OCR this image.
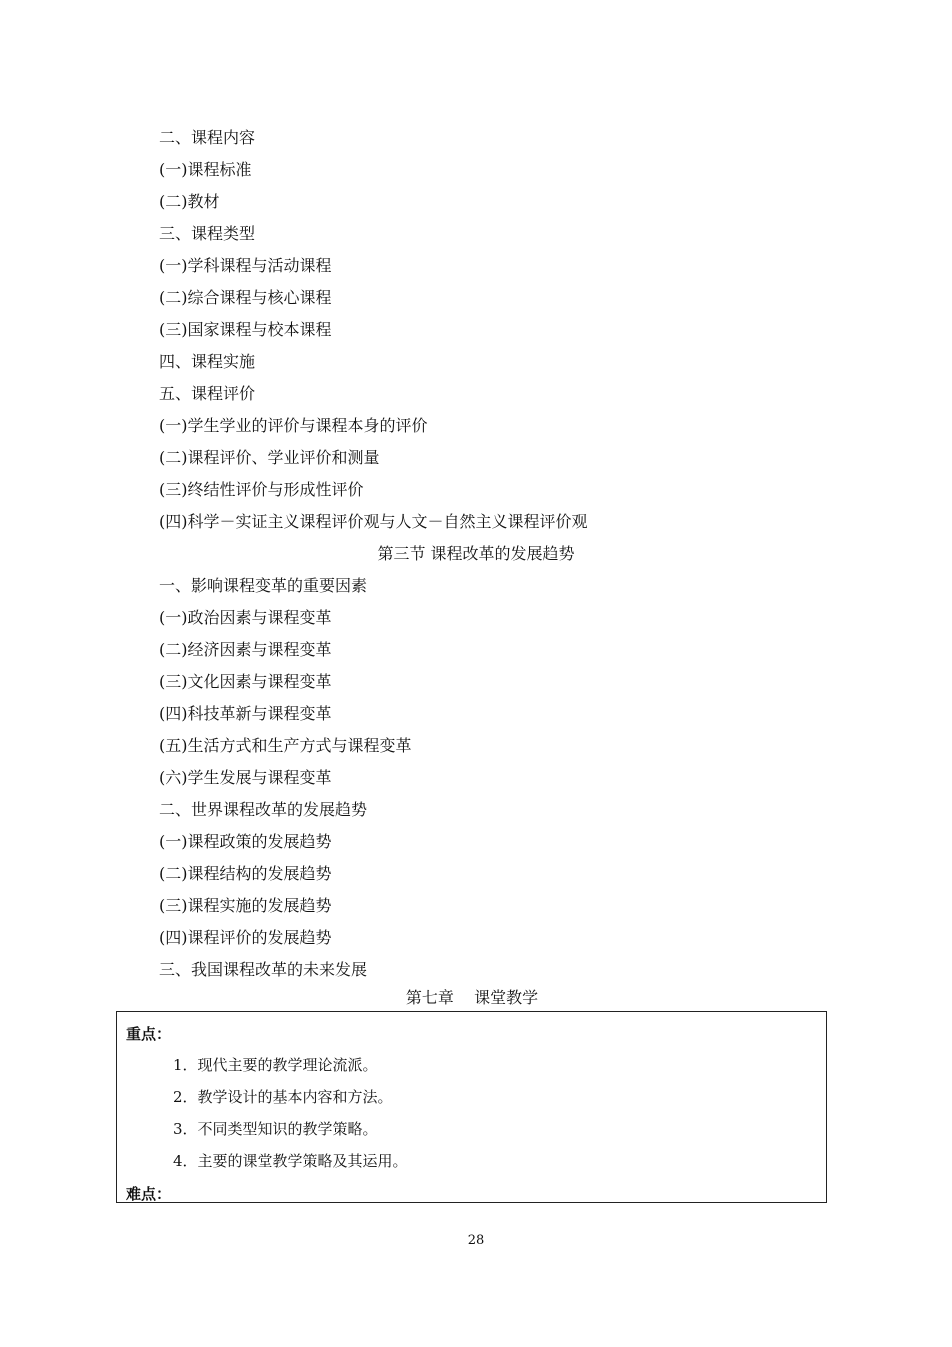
二、课程内容
(一)课程标准
(二)教材
三、课程类型
(一)学科课程与活动课程
(二)综合课程与核心课程
(三)国家课程与校本课程
四、课程实施
五、课程评价
(一)学生学业的评价与课程本身的评价
(二)课程评价、学业评价和测量
(三)终结性评价与形成性评价
(四)科学－实证主义课程评价观与人文－自然主义课程评价观
第三节 课程改革的发展趋势
一、影响课程变革的重要因素
(一)政治因素与课程变革
(二)经济因素与课程变革
(三)文化因素与课程变革
(四)科技革新与课程变革
(五)生活方式和生产方式与课程变革
(六)学生发展与课程变革
二、世界课程改革的发展趋势
(一)课程政策的发展趋势
(二)课程结构的发展趋势
(三)课程实施的发展趋势
(四)课程评价的发展趋势
三、我国课程改革的未来发展
第七章    课堂教学
重点：
1．现代主要的教学理论流派。
2．教学设计的基本内容和方法。
3．不同类型知识的教学策略。
4．主要的课堂教学策略及其运用。
难点：
28
